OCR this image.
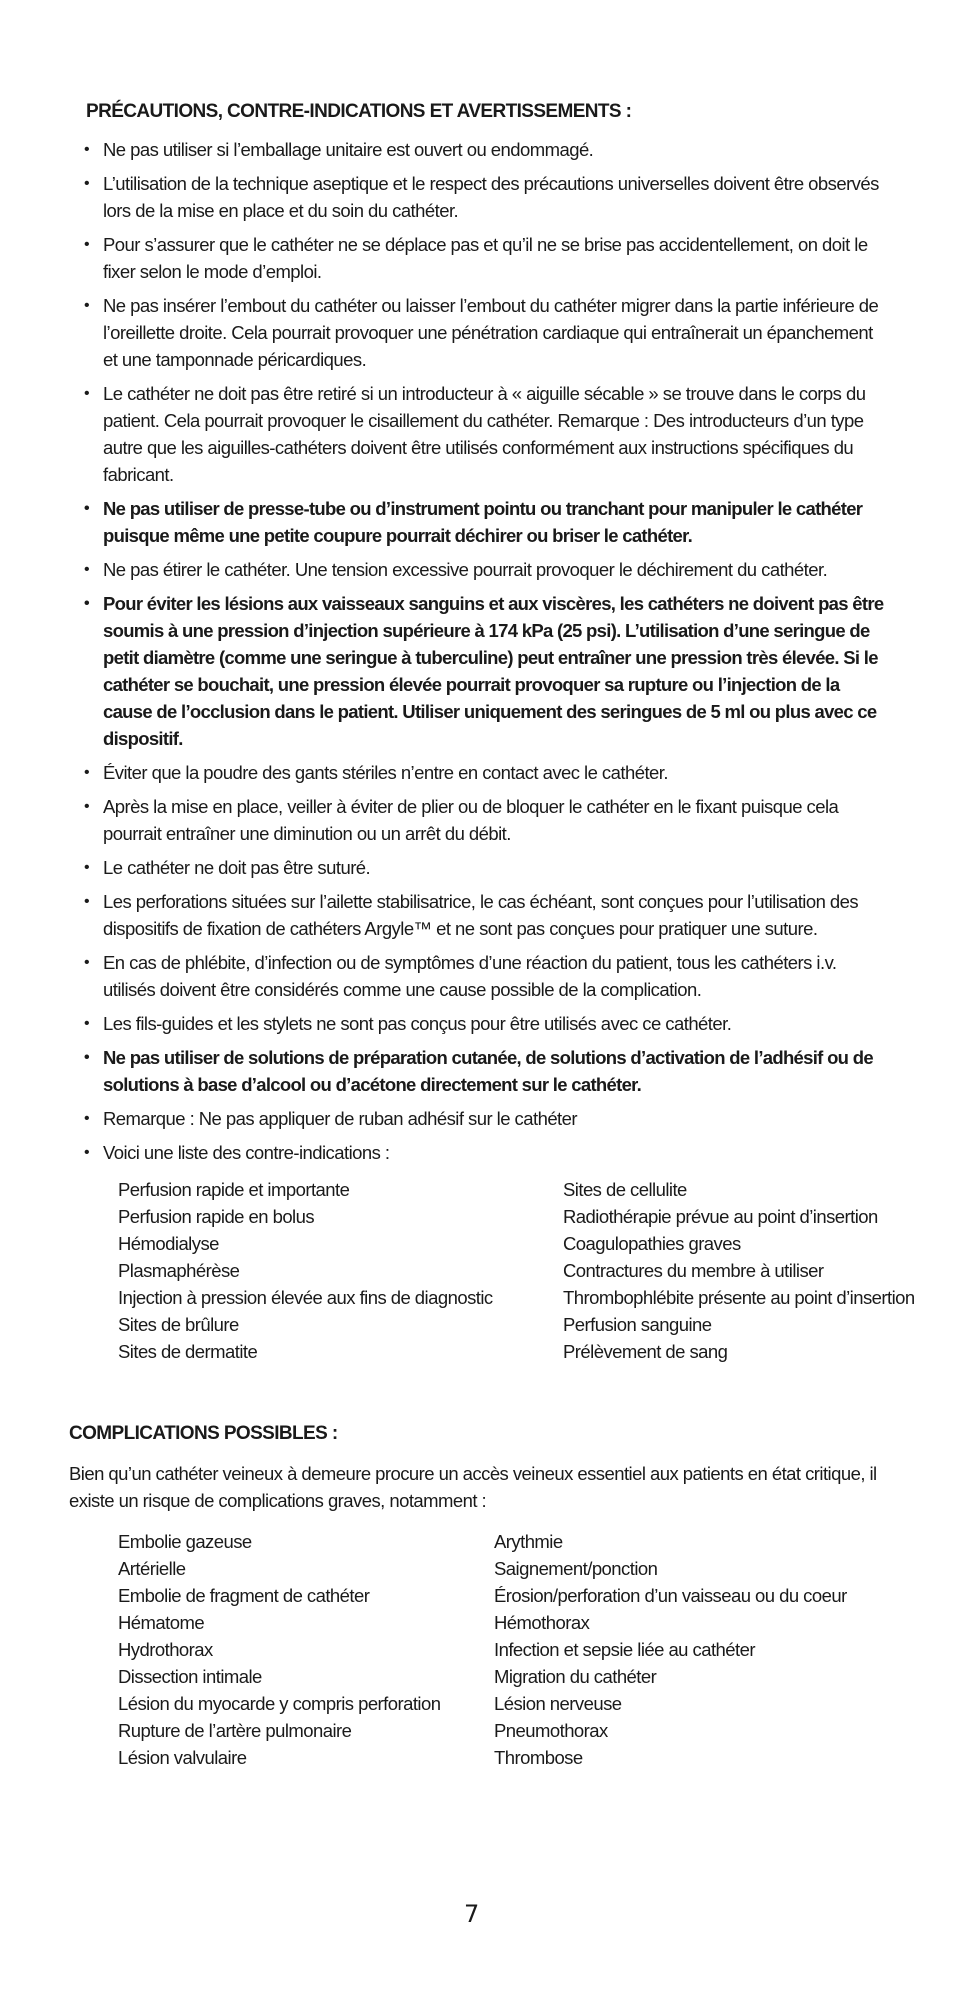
PRÉCAUTIONS, CONTRE-INDICATIONS ET AVERTISSEMENTS :
• Ne pas utiliser si l’emballage unitaire est ouvert ou endommagé.
• L’utilisation de la technique aseptique et le respect des précautions universelles doivent être observés lors de la mise en place et du soin du cathéter.
• Pour s’assurer que le cathéter ne se déplace pas et qu’il ne se brise pas accidentellement, on doit le fixer selon le mode d’emploi.
• Ne pas insérer l’embout du cathéter ou laisser l’embout du cathéter migrer dans la partie inférieure de l’oreillette droite. Cela pourrait provoquer une pénétration cardiaque qui entraînerait un épanchement et une tamponnade péricardiques.
• Le cathéter ne doit pas être retiré si un introducteur à « aiguille sécable » se trouve dans le corps du patient. Cela pourrait provoquer le cisaillement du cathéter. Remarque : Des introducteurs d’un type autre que les aiguilles-cathéters doivent être utilisés conformément aux instructions spécifiques du fabricant.
• Ne pas utiliser de presse-tube ou d’instrument pointu ou tranchant pour manipuler le cathéter puisque même une petite coupure pourrait déchirer ou briser le cathéter.
• Ne pas étirer le cathéter. Une tension excessive pourrait provoquer le déchirement du cathéter.
• Pour éviter les lésions aux vaisseaux sanguins et aux viscères, les cathéters ne doivent pas être soumis à une pression d’injection supérieure à 174 kPa (25 psi). L’utilisation d’une seringue de petit diamètre (comme une seringue à tuberculine) peut entraîner une pression très élevée. Si le cathéter se bouchait, une pression élevée pourrait provoquer sa rupture ou l’injection de la cause de l’occlusion dans le patient. Utiliser uniquement des seringues de 5 ml ou plus avec ce dispositif.
• Éviter que la poudre des gants stériles n’entre en contact avec le cathéter.
• Après la mise en place, veiller à éviter de plier ou de bloquer le cathéter en le fixant puisque cela pourrait entraîner une diminution ou un arrêt du débit.
• Le cathéter ne doit pas être suturé.
• Les perforations situées sur l’ailette stabilisatrice, le cas échéant, sont conçues pour l’utilisation des dispositifs de fixation de cathéters Argyle™ et ne sont pas conçues pour pratiquer une suture.
• En cas de phlébite, d’infection ou de symptômes d’une réaction du patient, tous les cathéters i.v. utilisés doivent être considérés comme une cause possible de la complication.
• Les fils-guides et les stylets ne sont pas conçus pour être utilisés avec ce cathéter.
• Ne pas utiliser de solutions de préparation cutanée, de solutions d’activation de l’adhésif ou de solutions à base d’alcool ou d’acétone directement sur le cathéter.
• Remarque : Ne pas appliquer de ruban adhésif sur le cathéter
• Voici une liste des contre-indications :
Perfusion rapide et importante
Perfusion rapide en bolus
Hémodialyse
Plasmaphérèse
Injection à pression élevée aux fins de diagnostic
Sites de brûlure
Sites de dermatite
Sites de cellulite
Radiothérapie prévue au point d’insertion
Coagulopathies graves
Contractures du membre à utiliser
Thrombophlébite présente au point d’insertion
Perfusion sanguine
Prélèvement de sang
COMPLICATIONS POSSIBLES :
Bien qu’un cathéter veineux à demeure procure un accès veineux essentiel aux patients en état critique, il existe un risque de complications graves, notamment :
Embolie gazeuse
Artérielle
Embolie de fragment de cathéter
Hématome
Hydrothorax
Dissection intimale
Lésion du myocarde y compris perforation
Rupture de l’artère pulmonaire
Lésion valvulaire
Arythmie
Saignement/ponction
Érosion/perforation d’un vaisseau ou du coeur
Hémothorax
Infection et sepsie liée au cathéter
Migration du cathéter
Lésion nerveuse
Pneumothorax
Thrombose
7
